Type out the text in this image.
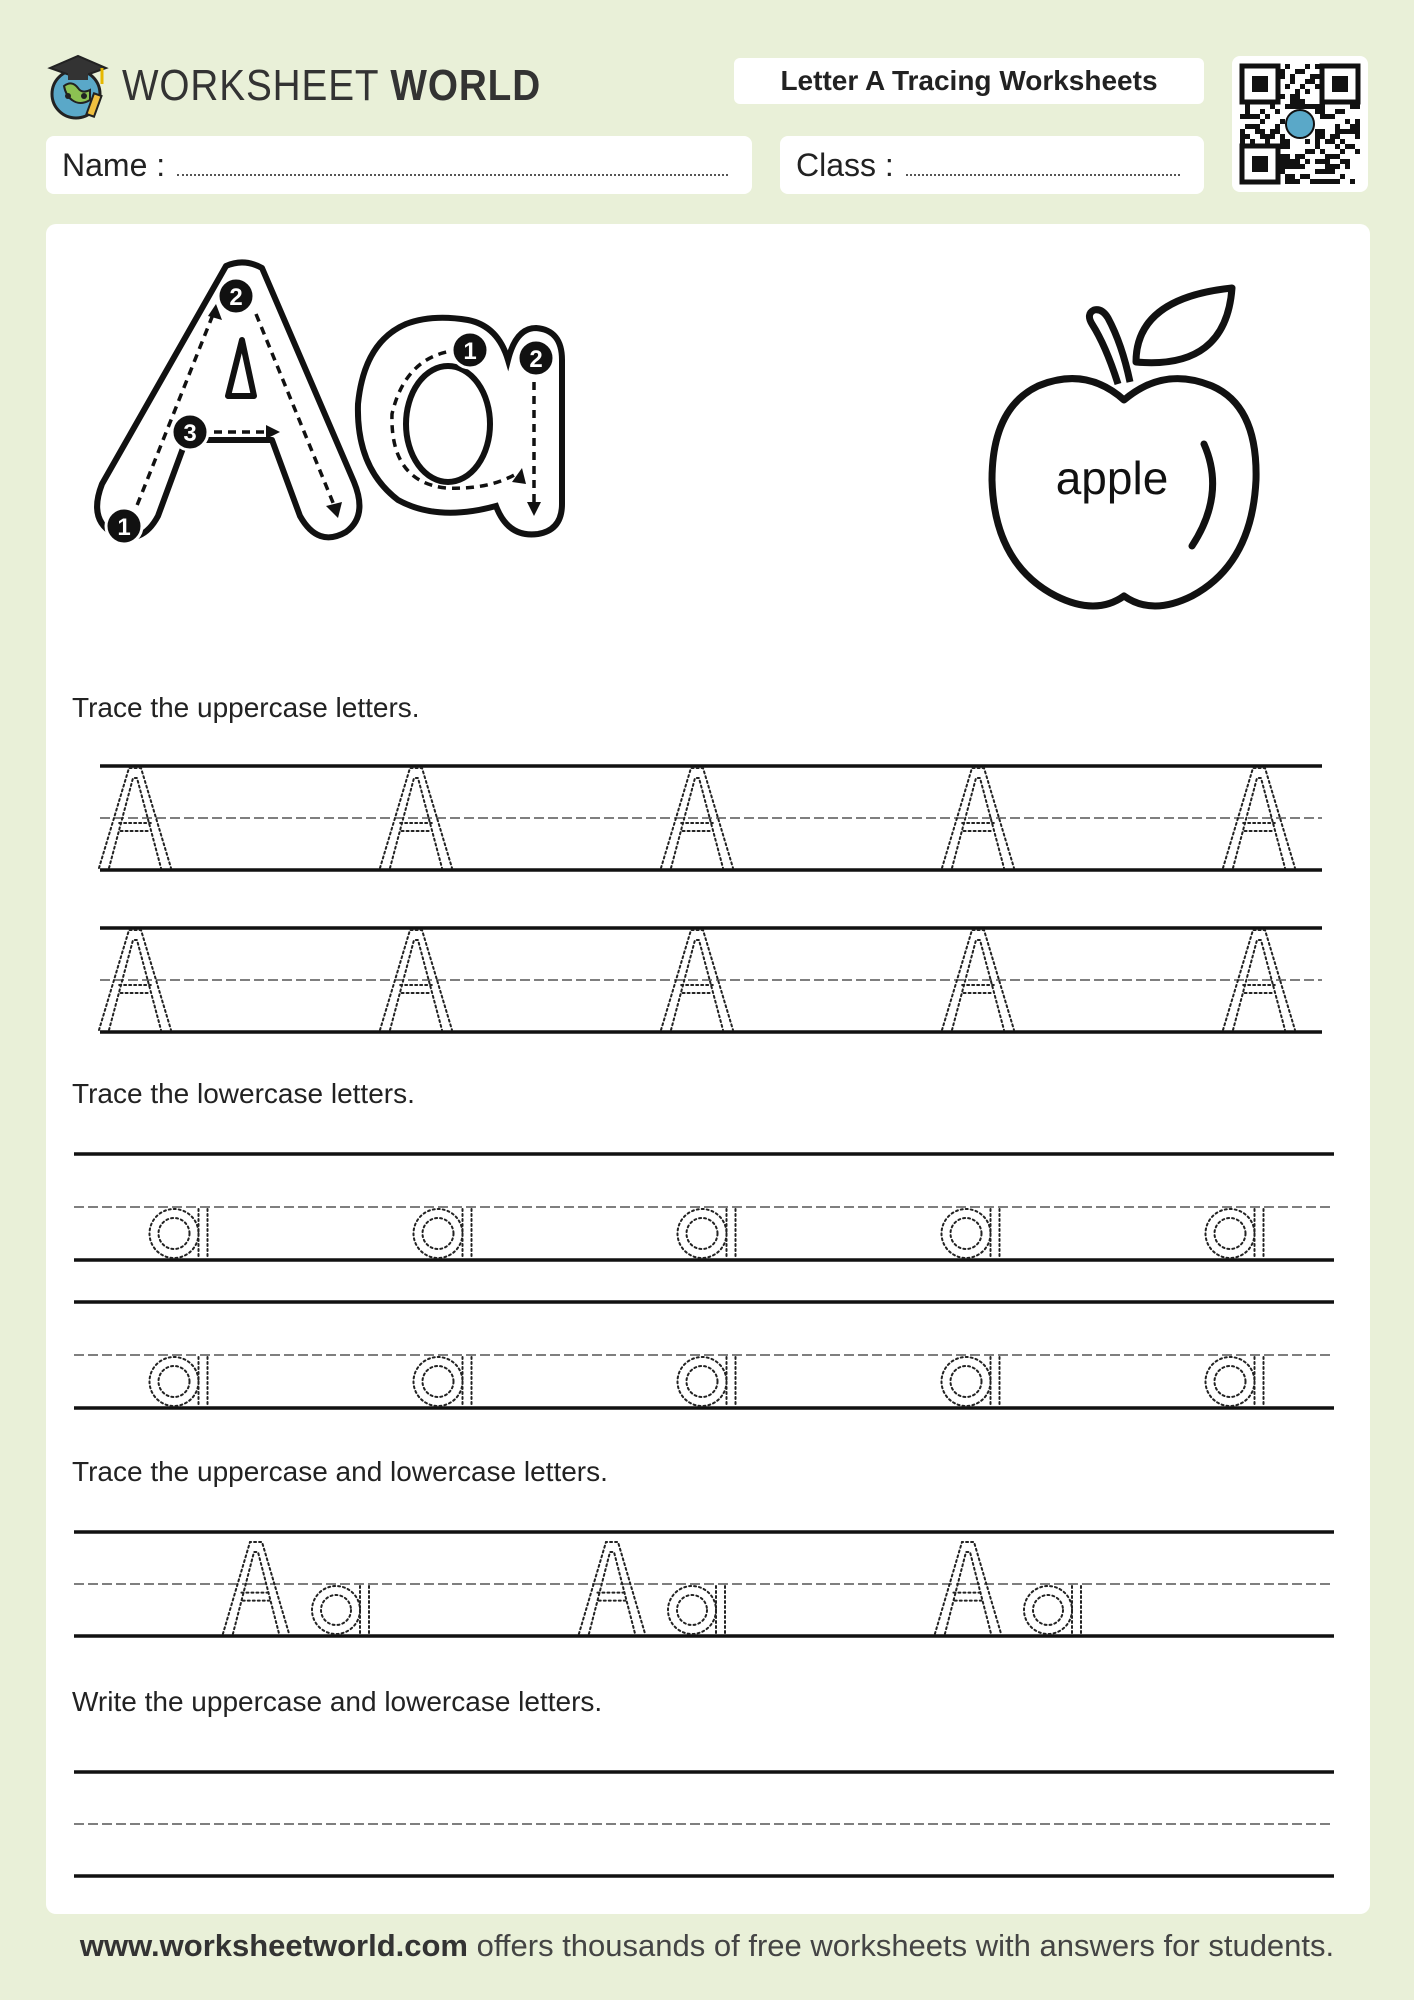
WORKSHEET WORLD	Letter A Tracing Worksheets
Name :	Class :
1
2
3
1 2
apple
Trace the uppercase letters.
Trace the lowercase letters.
Trace the uppercase and lowercase letters.
Write the uppercase and lowercase letters.
www.worksheetworld.com offers thousands of free worksheets with answers for students.
